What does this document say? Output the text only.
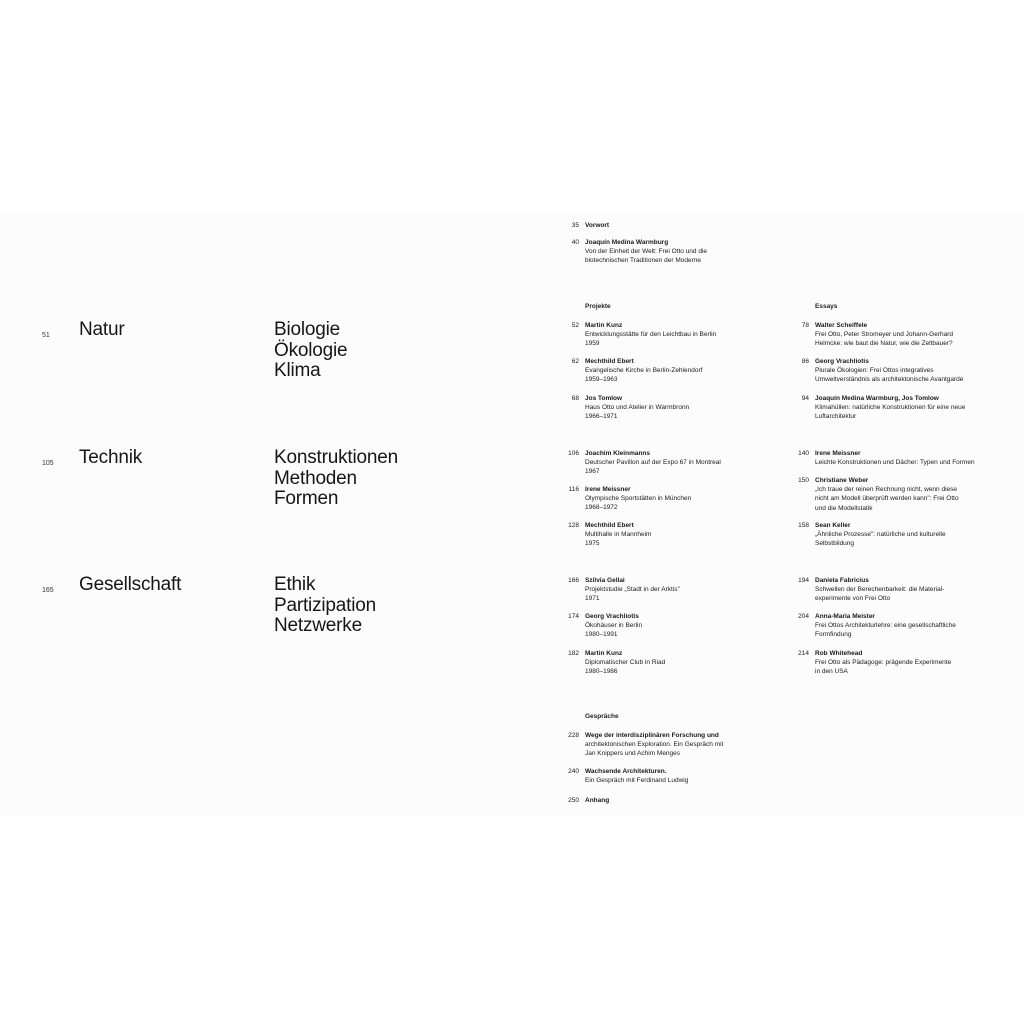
51	Natur	Biologie
Ökologie
Klima
105	Technik	Konstruktionen
Methoden
Formen
165	Gesellschaft	Ethik
Partizipation
Netzwerke
Projekte	Essays
Gespräche
35 Vorwort
40 Joaquín Medina Warmburg
Von der Einheit der Welt: Frei Otto und die
biotechnischen Traditionen der Moderne
52 Martin Kunz
Entwicklungsstätte für den Leichtbau in Berlin
1959
62 Mechthild Ebert
Evangelische Kirche in Berlin-Zehlendorf
1959–1963
68 Jos Tomlow
Haus Otto und Atelier in Warmbronn
1966–1971
106 Joachim Kleinmanns
Deutscher Pavillon auf der Expo 67 in Montreal
1967
116 Irene Meissner
Olympische Sportstätten in München
1968–1972
128 Mechthild Ebert
Multihalle in Mannheim
1975
166 Szilvia Gellai
Projektstudie „Stadt in der Arktis"
1971
174 Georg Vrachliotis
Ökohäuser in Berlin
1980–1991
182 Martin Kunz
Diplomatischer Club in Riad
1980–1986
78 Walter Scheiffele
Frei Otto, Peter Stromeyer und Johann-Gerhard
Helmcke: wie baut die Natur, wie die Zeltbauer?
86 Georg Vrachliotis
Plurale Ökologien: Frei Ottos integratives
Umweltverständnis als architektonische Avantgarde
94 Joaquín Medina Warmburg, Jos Tomlow
Klimahüllen: natürliche Konstruktionen für eine neue
Luftarchitektur
140 Irene Meissner
Leichte Konstruktionen und Dächer: Typen und Formen
150 Christiane Weber
„Ich traue der reinen Rechnung nicht, wenn diese
nicht am Modell überprüft werden kann": Frei Otto
und die Modellstatik
158 Sean Keller
„Ähnliche Prozesse": natürliche und kulturelle
Selbstbildung
194 Daniela Fabricius
Schwellen der Berechenbarkeit: die Material-
experimente von Frei Otto
204 Anna-Maria Meister
Frei Ottos Architekturlehre: eine gesellschaftliche
Formfindung
214 Rob Whitehead
Frei Otto als Pädagoge: prägende Experimente
in den USA
228 Wege der interdisziplinären Forschung und
architektonischen Exploration. Ein Gespräch mit
Jan Knippers und Achim Menges
240 Wachsende Architekturen.
Ein Gespräch mit Ferdinand Ludwig
250 Anhang
